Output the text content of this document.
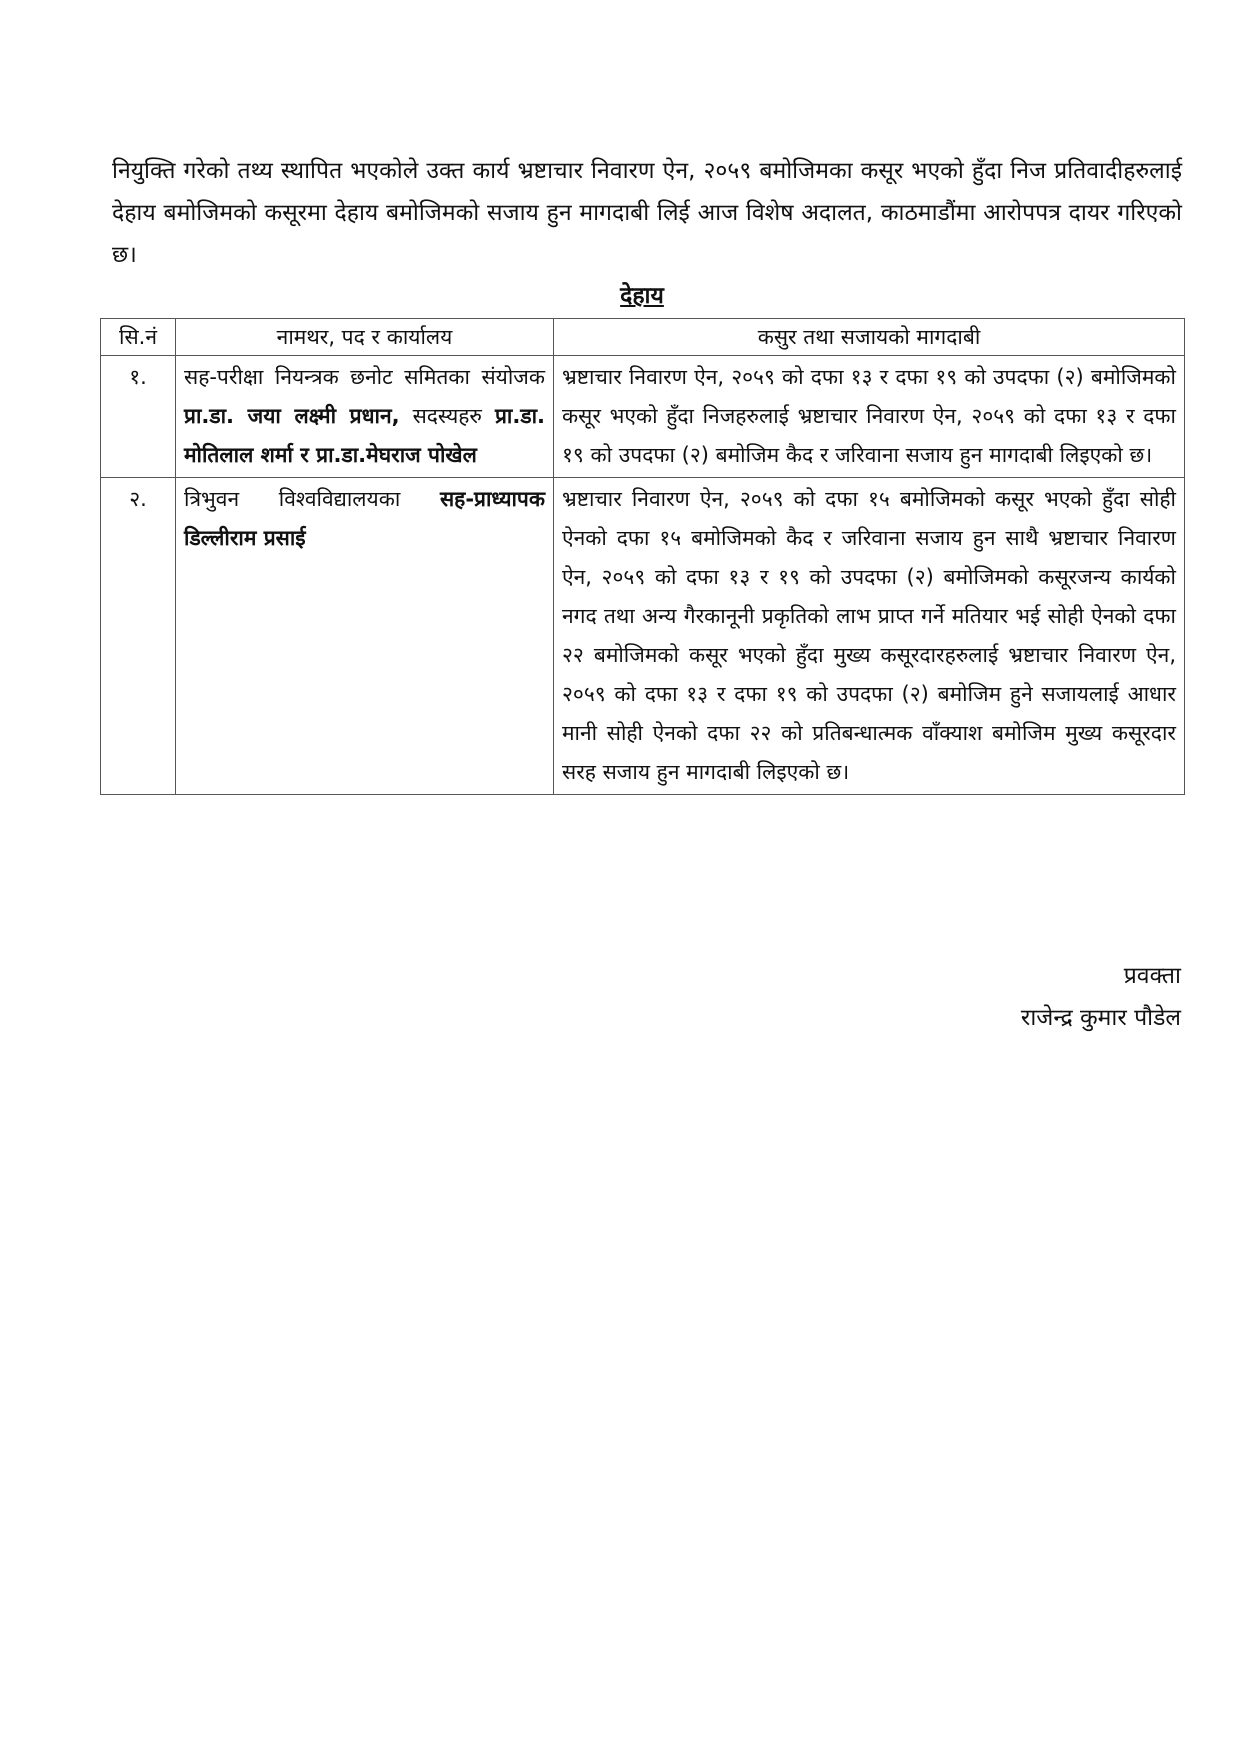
नियुक्ति गरेको तथ्य स्थापित भएकोले उक्त कार्य भ्रष्टाचार निवारण ऐन, २०५९ बमोजिमका कसूर भएको हुँदा निज प्रतिवादीहरुलाई देहाय बमोजिमको कसूरमा देहाय बमोजिमको सजाय हुन मागदाबी लिई आज विशेष अदालत, काठमाडौंमा आरोपपत्र दायर गरिएको छ।

देहाय

सि.नं	नामथर, पद र कार्यालय	कसुर तथा सजायको मागदाबी
१.	सह-परीक्षा नियन्त्रक छनोट समितका संयोजक प्रा.डा. जया लक्ष्मी प्रधान, सदस्यहरु प्रा.डा. मोतिलाल शर्मा र प्रा.डा.मेघराज पोखेल	भ्रष्टाचार निवारण ऐन, २०५९ को दफा १३ र दफा १९ को उपदफा (२) बमोजिमको कसूर भएको हुँदा निजहरुलाई भ्रष्टाचार निवारण ऐन, २०५९ को दफा १३ र दफा १९ को उपदफा (२) बमोजिम कैद र जरिवाना सजाय हुन मागदाबी लिइएको छ।
२.	त्रिभुवन विश्वविद्यालयका सह-प्राध्यापक डिल्लीराम प्रसाई	भ्रष्टाचार निवारण ऐन, २०५९ को दफा १५ बमोजिमको कसूर भएको हुँदा सोही ऐनको दफा १५ बमोजिमको कैद र जरिवाना सजाय हुन साथै भ्रष्टाचार निवारण ऐन, २०५९ को दफा १३ र १९ को उपदफा (२) बमोजिमको कसूरजन्य कार्यको नगद तथा अन्य गैरकानूनी प्रकृतिको लाभ प्राप्त गर्ने मतियार भई सोही ऐनको दफा २२ बमोजिमको कसूर भएको हुँदा मुख्य कसूरदारहरुलाई भ्रष्टाचार निवारण ऐन, २०५९ को दफा १३ र दफा १९ को उपदफा (२) बमोजिम हुने सजायलाई आधार मानी सोही ऐनको दफा २२ को प्रतिबन्धात्मक वाँक्याश बमोजिम मुख्य कसूरदार सरह सजाय हुन मागदाबी लिइएको छ।
प्रवक्ता
राजेन्द्र कुमार पौडेल
